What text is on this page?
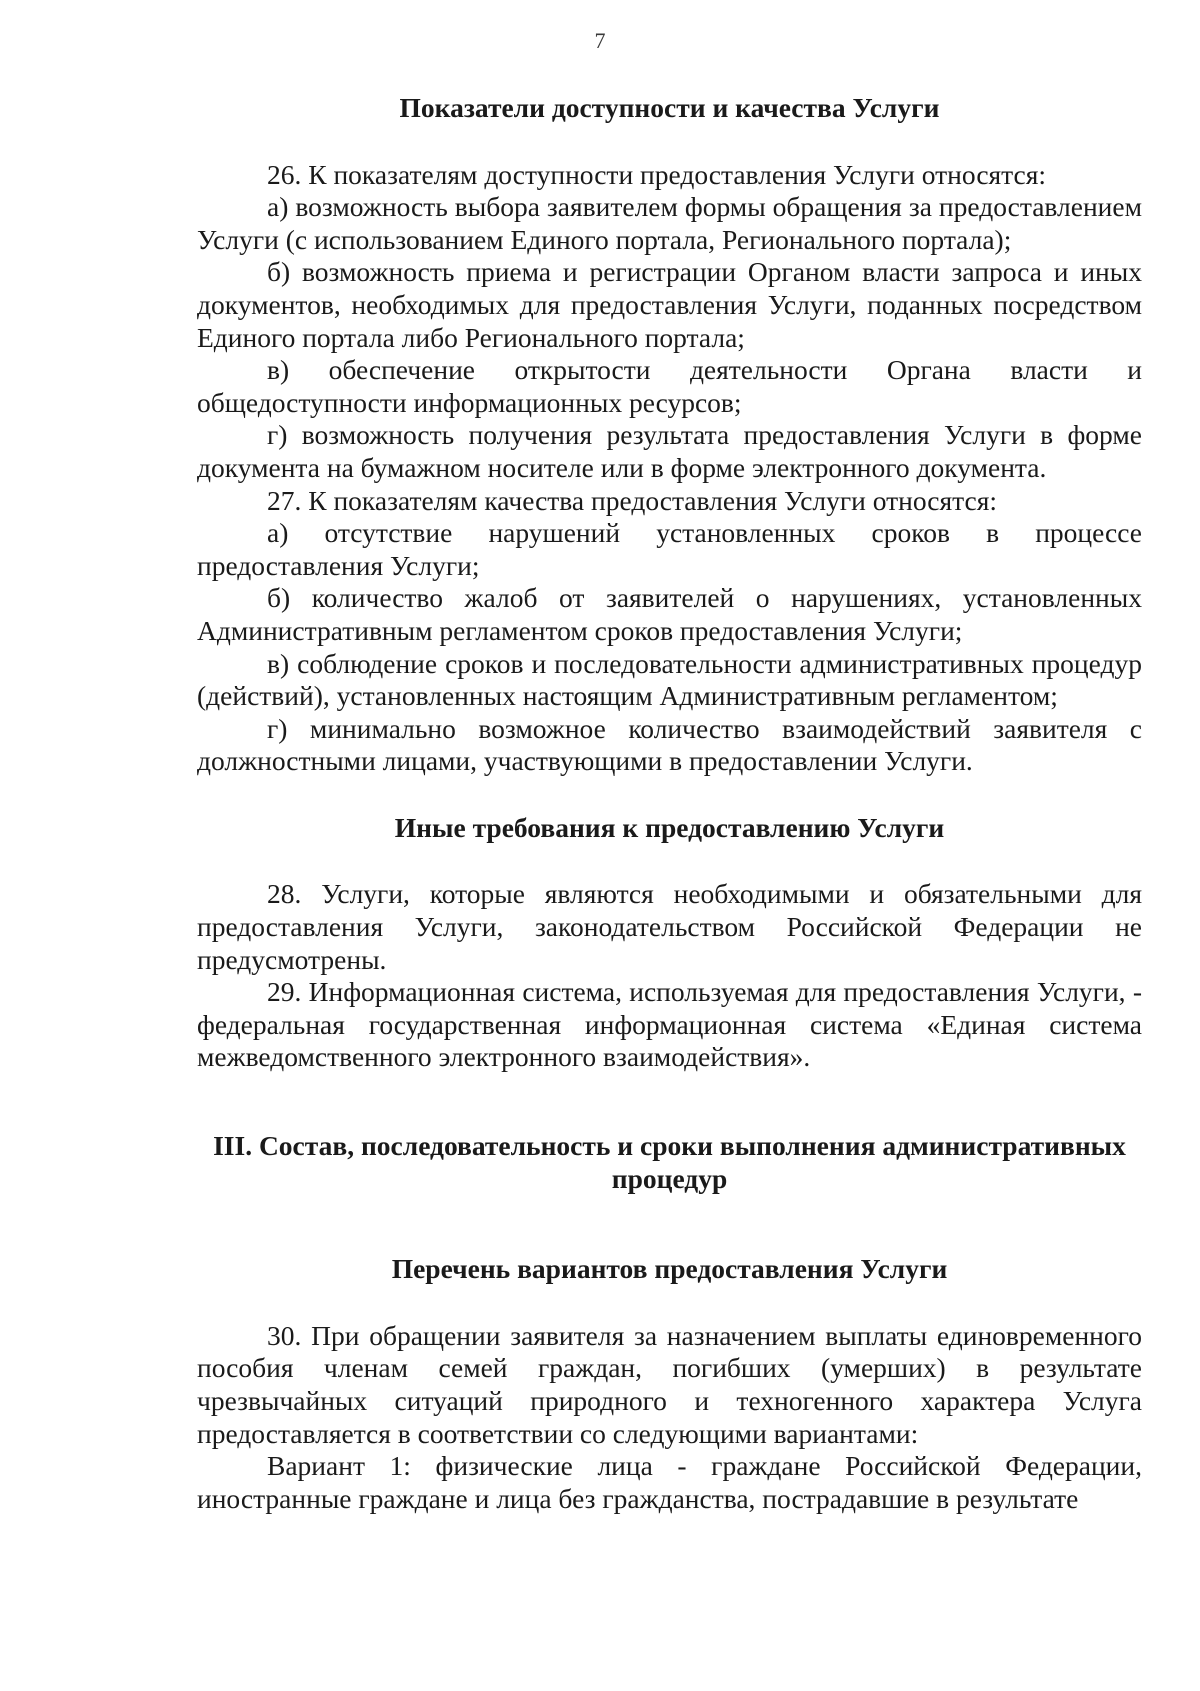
7

Показатели доступности и качества Услуги

26. К показателям доступности предоставления Услуги относятся:

а) возможность выбора заявителем формы обращения за предоставлением Услуги (с использованием Единого портала, Регионального портала);

б) возможность приема и регистрации Органом власти запроса и иных документов, необходимых для предоставления Услуги, поданных посредством Единого портала либо Регионального портала;

в) обеспечение открытости деятельности Органа власти и общедоступности информационных ресурсов;

г) возможность получения результата предоставления Услуги в форме документа на бумажном носителе или в форме электронного документа.

27. К показателям качества предоставления Услуги относятся:

а) отсутствие нарушений установленных сроков в процессе предоставления Услуги;

б) количество жалоб от заявителей о нарушениях, установленных Административным регламентом сроков предоставления Услуги;

в) соблюдение сроков и последовательности административных процедур (действий), установленных настоящим Административным регламентом;

г) минимально возможное количество взаимодействий заявителя с должностными лицами, участвующими в предоставлении Услуги.

Иные требования к предоставлению Услуги

28. Услуги, которые являются необходимыми и обязательными для предоставления Услуги, законодательством Российской Федерации не предусмотрены.

29. Информационная система, используемая для предоставления Услуги, - федеральная государственная информационная система «Единая система межведомственного электронного взаимодействия».

III. Состав, последовательность и сроки выполнения административных процедур

Перечень вариантов предоставления Услуги

30. При обращении заявителя за назначением выплаты единовременного пособия членам семей граждан, погибших (умерших) в результате чрезвычайных ситуаций природного и техногенного характера Услуга предоставляется в соответствии со следующими вариантами:

Вариант 1: физические лица - граждане Российской Федерации, иностранные граждане и лица без гражданства, пострадавшие в результате
